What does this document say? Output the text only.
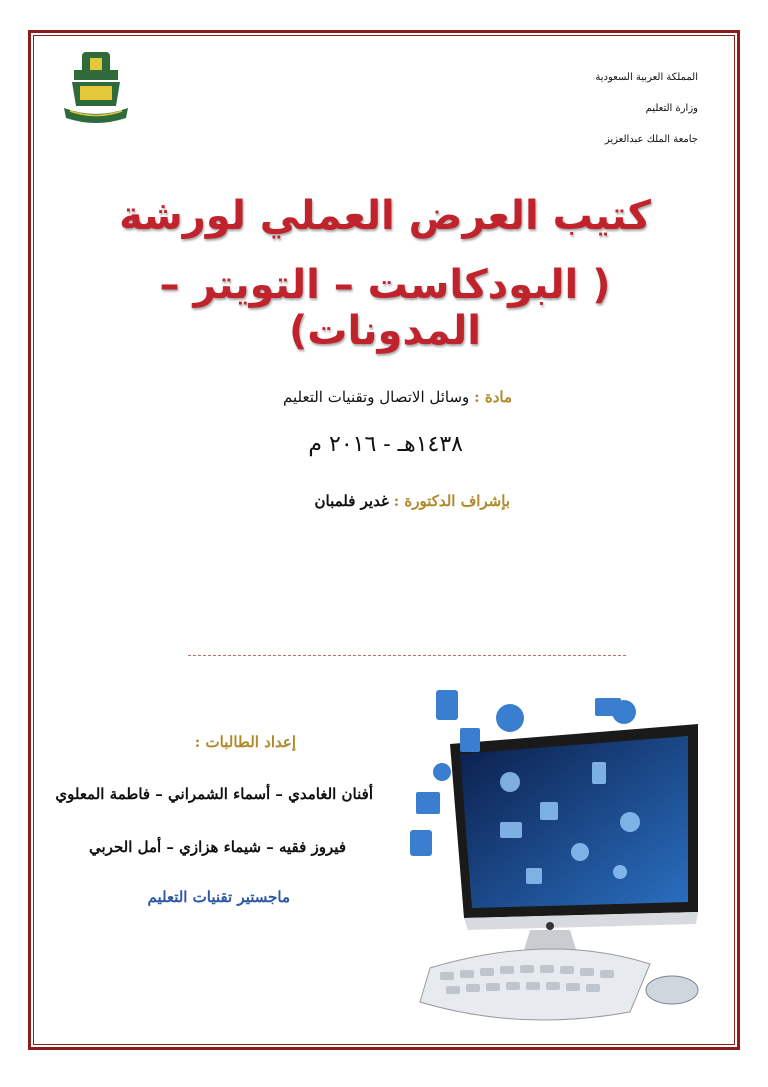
المملكة العربية السعودية
وزارة التعليم
جامعة الملك عبدالعزيز
كتيب العرض العملي لورشة
( البودكاست – التويتر – المدونات)
مادة : وسائل الاتصال وتقنيات التعليم
١٤٣٨هـ - ٢٠١٦ م
بإشراف الدكتورة : غدير فلمبان
إعداد الطالبات :
أفنان الغامدي – أسماء الشمراني – فاطمة المعلوي
فيروز فقيه – شيماء هزازي – أمل الحربي
ماجستير تقنيات التعليم
